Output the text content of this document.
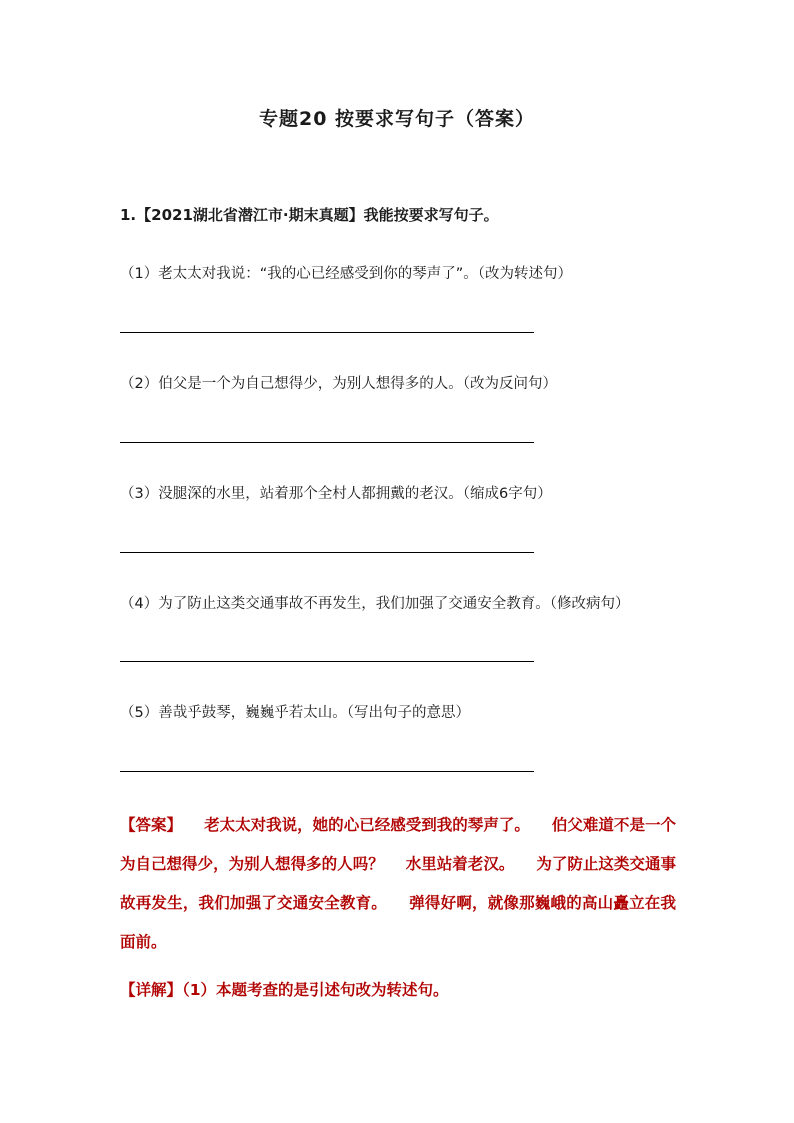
专题20 按要求写句子（答案）
1.【2021湖北省潜江市·期末真题】我能按要求写句子。
（1）老太太对我说：“我的心已经感受到你的琴声了”。（改为转述句）
（2）伯父是一个为自己想得少，为别人想得多的人。（改为反问句）
（3）没腿深的水里，站着那个全村人都拥戴的老汉。（缩成6字句）
（4）为了防止这类交通事故不再发生，我们加强了交通安全教育。（修改病句）
（5）善哉乎鼓琴，巍巍乎若太山。（写出句子的意思）
【答案】 老太太对我说，她的心已经感受到我的琴声了。 伯父难道不是一个为自己想得少，为别人想得多的人吗？ 水里站着老汉。 为了防止这类交通事故再发生，我们加强了交通安全教育。 弹得好啊，就像那巍峨的高山矗立在我面前。
【详解】（1）本题考查的是引述句改为转述句。
